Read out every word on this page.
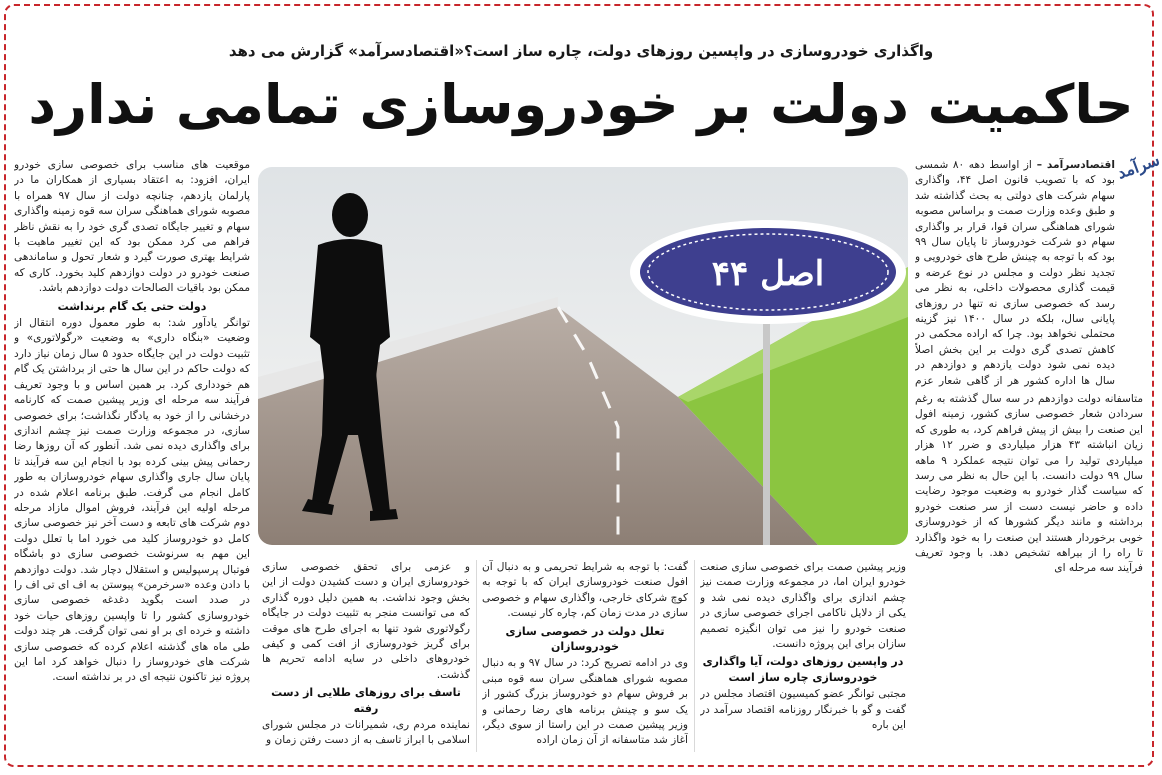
واگذاری خودروسازی در واپسین روزهای دولت، چاره ساز است؟«اقتصادسرآمد» گزارش می دهد
حاکمیت دولت بر خودروسازی تمامی ندارد
سرآمد

اقتصادسرآمد – از اواسط دهه ۸۰ شمسی بود که با تصویب قانون اصل ۴۴، واگذاری سهام شرکت های دولتی به بحث گذاشته شد و طبق وعده وزارت صمت و براساس مصوبه شورای هماهنگی سران قوا، قرار بر واگذاری سهام دو شرکت خودروساز تا پایان سال ۹۹ بود که با توجه به چینش طرح های خودرویی و تجدید نظر دولت و مجلس در نوع عرضه و قیمت گذاری محصولات داخلی، به نظر می رسد که خصوصی سازی نه تنها در روزهای پایانی سال، بلکه در سال ۱۴۰۰ نیز گزینه محتملی نخواهد بود. چرا که اراده محکمی در کاهش تصدی گری دولت بر این بخش اصلاً دیده نمی شود دولت یازدهم و دوازدهم در سال ها اداره کشور هر از گاهی شعار عزم

متاسفانه دولت دوازدهم در سه سال گذشته به رغم سردادن شعار خصوصی سازی کشور، زمینه افول این صنعت را بیش از پیش فراهم کرد، به طوری که زیان انباشته ۴۳ هزار میلیاردی و ضرر ۱۲ هزار میلیاردی تولید را می توان نتیجه عملکرد ۹ ماهه سال ۹۹ دولت دانست. با این حال به نظر می رسد که سیاست گذار خودرو به وضعیت موجود رضایت داده و حاضر نیست دست از سر صنعت خودرو برداشته و مانند دیگر کشورها که از خودروسازی خوبی برخوردار هستند این صنعت را به خود واگذارد تا راه را از بیراهه تشخیص دهد. با وجود تعریف فرآیند سه مرحله ای

موقعیت های مناسب برای خصوصی سازی خودرو ایران، افزود: به اعتقاد بسیاری از همکاران ما در پارلمان یازدهم، چنانچه دولت از سال ۹۷ همراه با مصوبه شورای هماهنگی سران سه قوه زمینه واگذاری سهام و تغییر جایگاه تصدی گری خود را به نقش ناظر فراهم می کرد ممکن بود که این تغییر ماهیت با شرایط بهتری صورت گیرد و شعار تحول و ساماندهی صنعت خودرو در دولت دوازدهم کلید بخورد. کاری که ممکن بود باقیات الصالحات دولت دوازدهم باشد.

دولت حتی یک گام برنداشت

توانگر یادآور شد: به طور معمول دوره انتقال از وضعیت «بنگاه داری» به وضعیت «رگولاتوری» و تثبیت دولت در این جایگاه حدود ۵ سال زمان نیاز دارد که دولت حاکم در این سال ها حتی از برداشتن یک گام هم خودداری کرد. بر همین اساس و با وجود تعریف فرآیند سه مرحله ای وزیر پیشین صمت که کارنامه درخشانی را از خود به یادگار نگذاشت؛ برای خصوصی سازی، در مجموعه وزارت صمت نیز چشم اندازی برای واگذاری دیده نمی شد. آنطور که آن روزها رضا رحمانی پیش بینی کرده بود با انجام این سه فرآیند تا پایان سال جاری واگذاری سهام خودروسازان به طور کامل انجام می گرفت. طبق برنامه اعلام شده در مرحله اولیه این فرآیند، فروش اموال مازاد مرحله دوم شرکت های تابعه و دست آخر نیز خصوصی سازی کامل دو خودروساز کلید می خورد اما با تعلل دولت این مهم به سرنوشت خصوصی سازی دو باشگاه فوتبال پرسپولیس و استقلال دچار شد. دولت دوازدهم با دادن وعده «سرخرمن» پیوستن به اف ای تی اف را در صدد است بگوید دغدغه خصوصی سازی خودروسازی کشور را تا واپسین روزهای حیات خود داشته و خرده ای بر او نمی توان گرفت. هر چند دولت طی ماه های گذشته اعلام کرده که خصوصی سازی شرکت های خودروساز را دنبال خواهد کرد اما این پروژه نیز تاکنون نتیجه ای در بر نداشته است.

اصل ۴۴

وزیر پیشین صمت برای خصوصی سازی صنعت خودرو ایران اما، در مجموعه وزارت صمت نیز چشم اندازی برای واگذاری دیده نمی شد و یکی از دلایل ناکامی اجرای خصوصی سازی در صنعت خودرو را نیز می توان انگیزه تصمیم سازان برای این پروژه دانست.

در واپسین روزهای دولت، آیا واگذاری خودروسازی چاره ساز است

مجتبی توانگر عضو کمیسیون اقتصاد مجلس در گفت و گو با خبرنگار روزنامه اقتصاد سرآمد در این باره

گفت: با توجه به شرایط تحریمی و به دنبال آن افول صنعت خودروسازی ایران که با توجه به کوچ شرکای خارجی، واگذاری سهام و خصوصی سازی در مدت زمان کم، چاره کار نیست.

تعلل دولت در خصوصی سازی خودروسازان

وی در ادامه تصریح کرد: در سال ۹۷ و به دنبال مصوبه شورای هماهنگی سران سه قوه مبنی بر فروش سهام دو خودروساز بزرگ کشور از یک سو و چینش برنامه های رضا رحمانی و وزیر پیشین صمت در این راستا از سوی دیگر، آغاز شد متاسفانه از آن زمان اراده

و عزمی برای تحقق خصوصی سازی خودروسازی ایران و دست کشیدن دولت از این بخش وجود نداشت. به همین دلیل دوره گذاری که می توانست منجر به تثبیت دولت در جایگاه رگولاتوری شود تنها به اجرای طرح های موقت برای گریز خودروسازی از افت کمی و کیفی خودروهای داخلی در سایه ادامه تحریم ها گذشت.

تاسف برای روزهای طلایی از دست رفته

نماینده مردم ری، شمیرانات در مجلس شورای اسلامی با ابراز تاسف به از دست رفتن زمان و
